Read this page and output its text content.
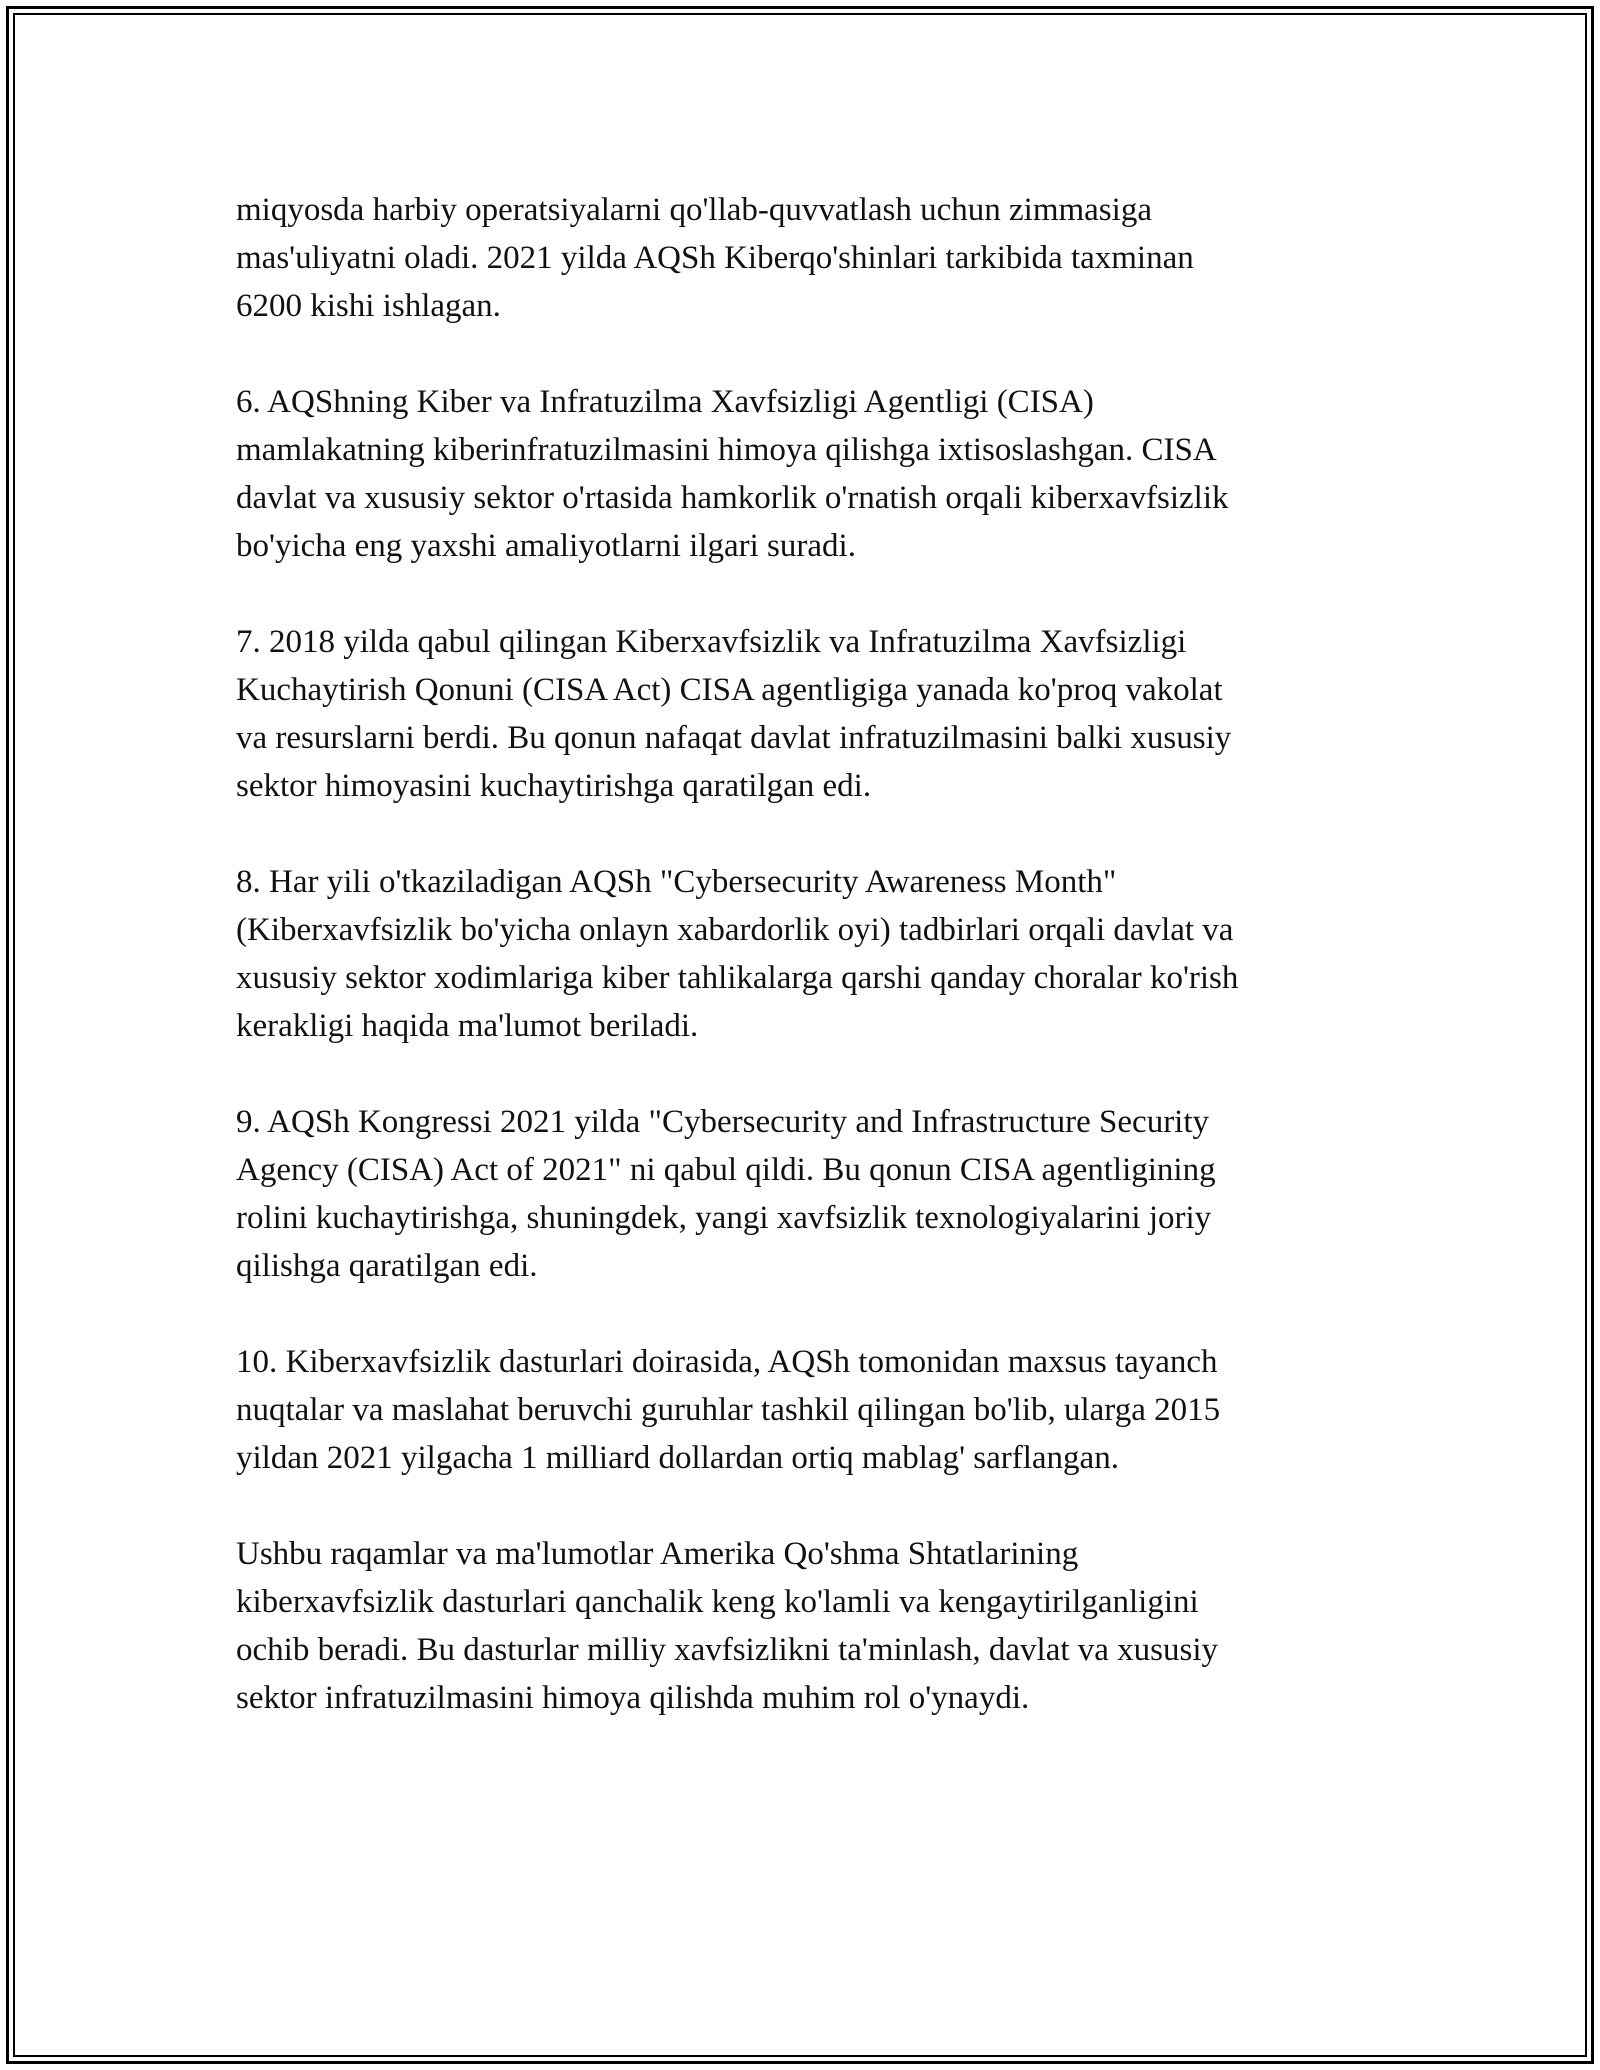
miqyosda harbiy operatsiyalarni qo'llab-quvvatlash uchun zimmasiga
mas'uliyatni oladi. 2021 yilda AQSh Kiberqo'shinlari tarkibida taxminan
6200 kishi ishlagan.

6. AQShning Kiber va Infratuzilma Xavfsizligi Agentligi (CISA)
mamlakatning kiberinfratuzilmasini himoya qilishga ixtisoslashgan. CISA
davlat va xususiy sektor o'rtasida hamkorlik o'rnatish orqali kiberxavfsizlik
bo'yicha eng yaxshi amaliyotlarni ilgari suradi.

7. 2018 yilda qabul qilingan Kiberxavfsizlik va Infratuzilma Xavfsizligi
Kuchaytirish Qonuni (CISA Act) CISA agentligiga yanada ko'proq vakolat
va resurslarni berdi. Bu qonun nafaqat davlat infratuzilmasini balki xususiy
sektor himoyasini kuchaytirishga qaratilgan edi.

8. Har yili o'tkaziladigan AQSh "Cybersecurity Awareness Month"
(Kiberxavfsizlik bo'yicha onlayn xabardorlik oyi) tadbirlari orqali davlat va
xususiy sektor xodimlariga kiber tahlikalarga qarshi qanday choralar ko'rish
kerakligi haqida ma'lumot beriladi.

9. AQSh Kongressi 2021 yilda "Cybersecurity and Infrastructure Security
Agency (CISA) Act of 2021" ni qabul qildi. Bu qonun CISA agentligining
rolini kuchaytirishga, shuningdek, yangi xavfsizlik texnologiyalarini joriy
qilishga qaratilgan edi.

10. Kiberxavfsizlik dasturlari doirasida, AQSh tomonidan maxsus tayanch
nuqtalar va maslahat beruvchi guruhlar tashkil qilingan bo'lib, ularga 2015
yildan 2021 yilgacha 1 milliard dollardan ortiq mablag' sarflangan.

Ushbu raqamlar va ma'lumotlar Amerika Qo'shma Shtatlarining
kiberxavfsizlik dasturlari qanchalik keng ko'lamli va kengaytirilganligini
ochib beradi. Bu dasturlar milliy xavfsizlikni ta'minlash, davlat va xususiy
sektor infratuzilmasini himoya qilishda muhim rol o'ynaydi.
